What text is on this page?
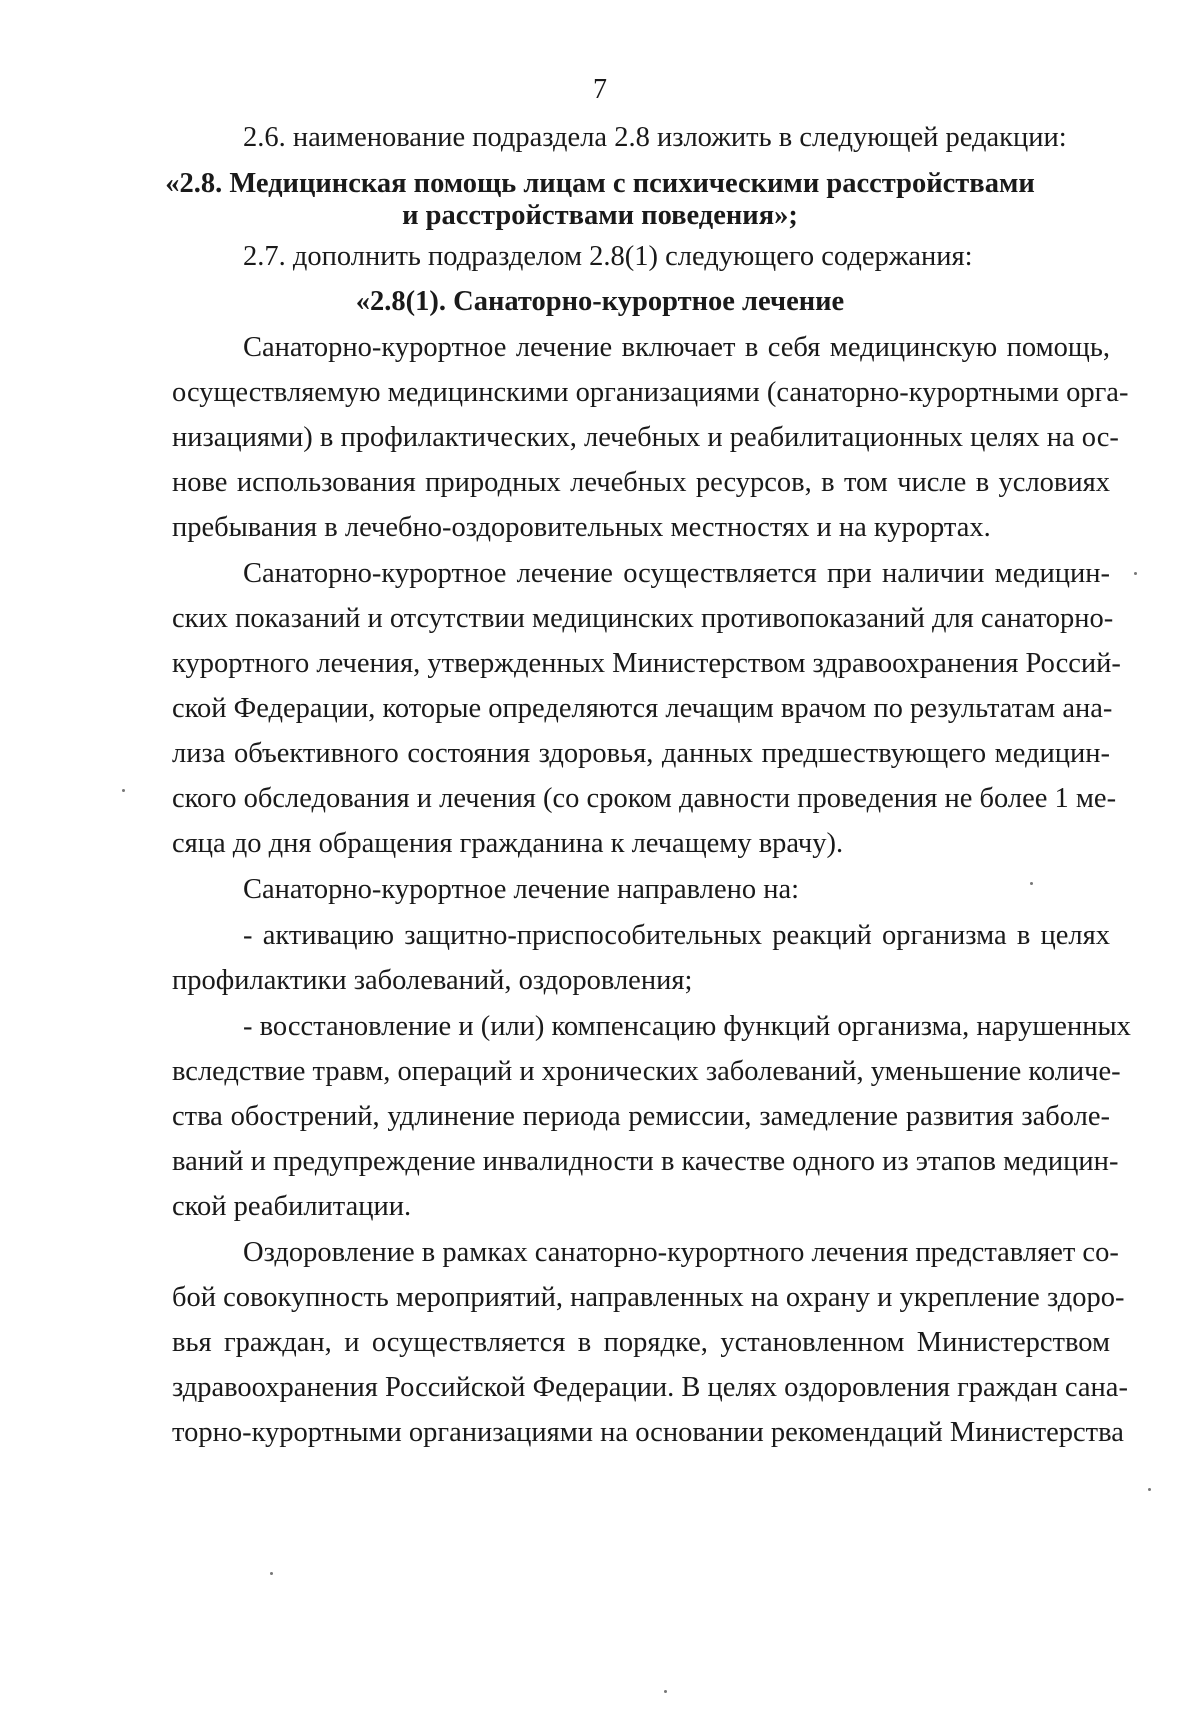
7
2.6. наименование подраздела 2.8 изложить в следующей редакции:
«2.8. Медицинская помощь лицам с психическими расстройствами
и расстройствами поведения»;
2.7. дополнить подразделом 2.8(1) следующего содержания:
«2.8(1). Санаторно-курортное лечение
Санаторно-курортное лечение включает в себя медицинскую помощь,
осуществляемую медицинскими организациями (санаторно-курортными орга-
низациями) в профилактических, лечебных и реабилитационных целях на ос-
нове использования природных лечебных ресурсов, в том числе в условиях
пребывания в лечебно-оздоровительных местностях и на курортах.
Санаторно-курортное лечение осуществляется при наличии медицин-
ских показаний и отсутствии медицинских противопоказаний для санаторно-
курортного лечения, утвержденных Министерством здравоохранения Россий-
ской Федерации, которые определяются лечащим врачом по результатам ана-
лиза объективного состояния здоровья, данных предшествующего медицин-
ского обследования и лечения (со сроком давности проведения не более 1 ме-
сяца до дня обращения гражданина к лечащему врачу).
Санаторно-курортное лечение направлено на:
- активацию защитно-приспособительных реакций организма в целях
профилактики заболеваний, оздоровления;
- восстановление и (или) компенсацию функций организма, нарушенных
вследствие травм, операций и хронических заболеваний, уменьшение количе-
ства обострений, удлинение периода ремиссии, замедление развития заболе-
ваний и предупреждение инвалидности в качестве одного из этапов медицин-
ской реабилитации.
Оздоровление в рамках санаторно-курортного лечения представляет со-
бой совокупность мероприятий, направленных на охрану и укрепление здоро-
вья граждан, и осуществляется в порядке, установленном Министерством
здравоохранения Российской Федерации. В целях оздоровления граждан сана-
торно-курортными организациями на основании рекомендаций Министерства
